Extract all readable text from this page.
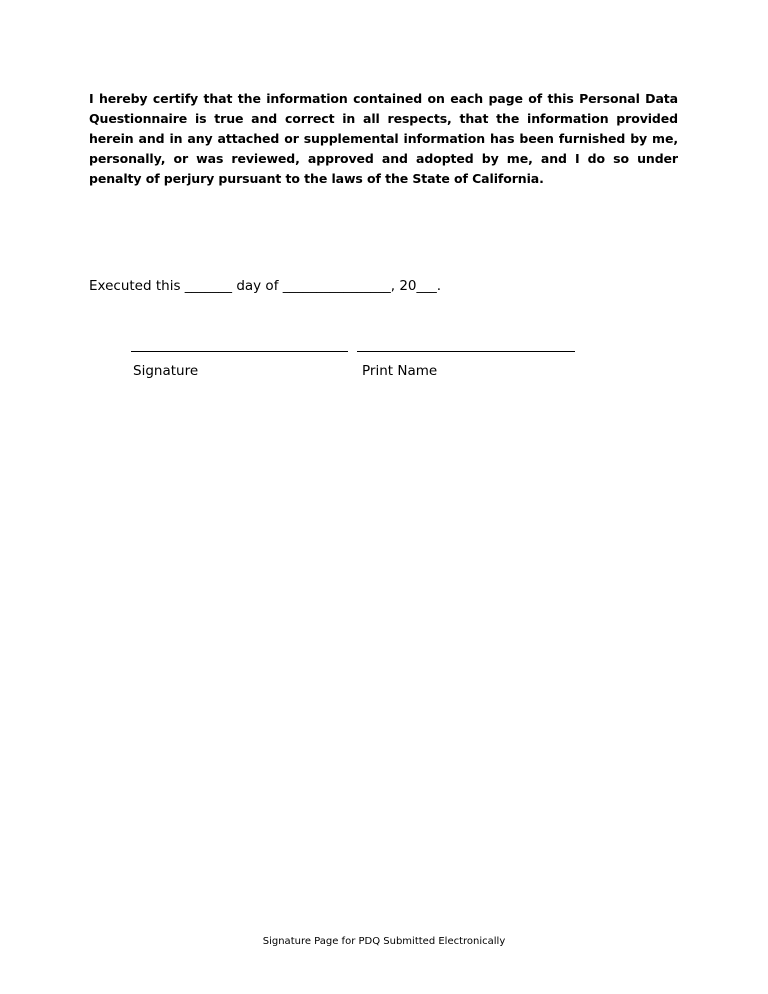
I hereby certify that the information contained on each page of this Personal Data Questionnaire is true and correct in all respects, that the information provided herein and in any attached or supplemental information has been furnished by me, personally, or was reviewed, approved and adopted by me, and I do so under penalty of perjury pursuant to the laws of the State of California.

Executed this _______ day of ________________, 20___.
Signature	Print Name
Signature Page for PDQ Submitted Electronically
